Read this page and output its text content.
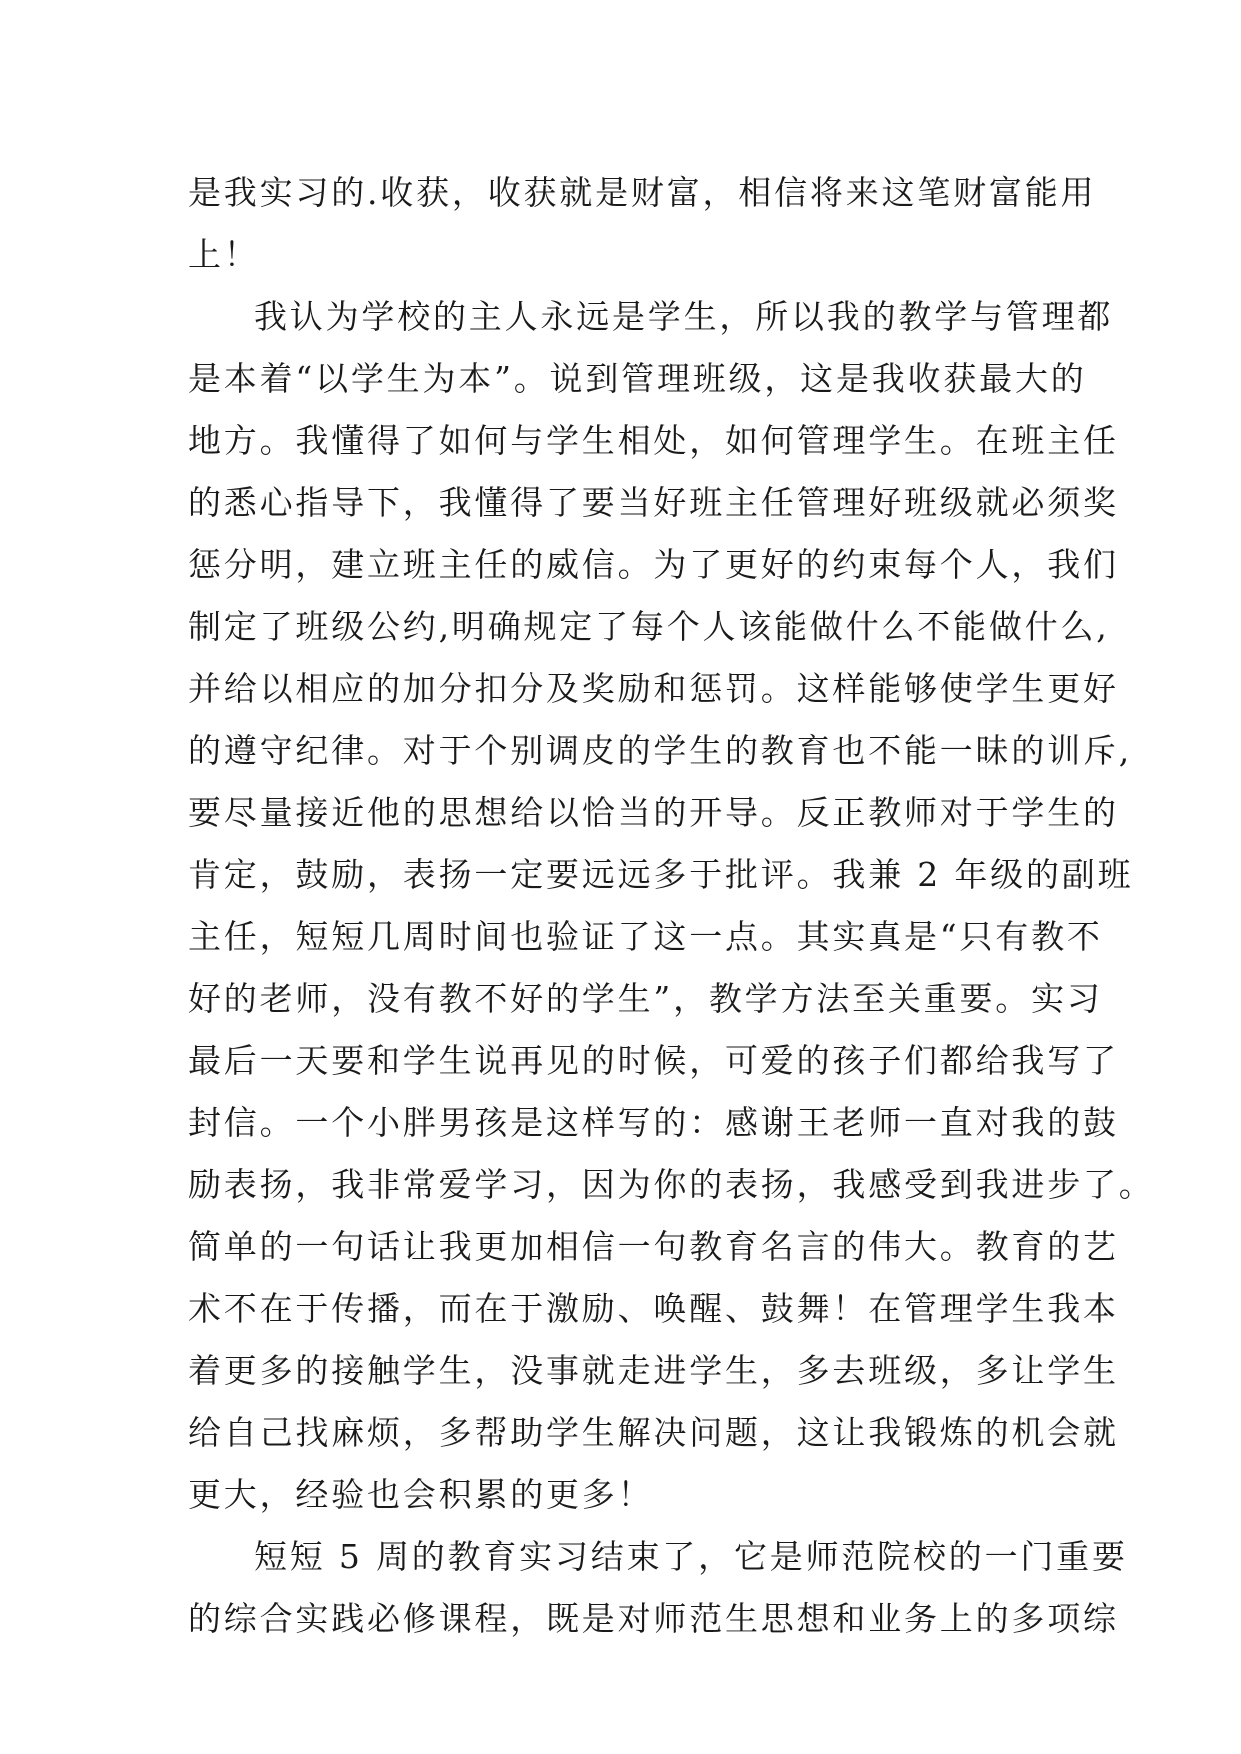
是我实习的.收获，收获就是财富，相信将来这笔财富能用
上！
我认为学校的主人永远是学生，所以我的教学与管理都
是本着“以学生为本”。说到管理班级，这是我收获最大的
地方。我懂得了如何与学生相处，如何管理学生。在班主任
的悉心指导下，我懂得了要当好班主任管理好班级就必须奖
惩分明，建立班主任的威信。为了更好的约束每个人，我们
制定了班级公约,明确规定了每个人该能做什么不能做什么,
并给以相应的加分扣分及奖励和惩罚。这样能够使学生更好
的遵守纪律。对于个别调皮的学生的教育也不能一昧的训斥,
要尽量接近他的思想给以恰当的开导。反正教师对于学生的
肯定，鼓励，表扬一定要远远多于批评。我兼 2 年级的副班
主任，短短几周时间也验证了这一点。其实真是“只有教不
好的老师，没有教不好的学生”，教学方法至关重要。实习
最后一天要和学生说再见的时候，可爱的孩子们都给我写了
封信。一个小胖男孩是这样写的：感谢王老师一直对我的鼓
励表扬，我非常爱学习，因为你的表扬，我感受到我进步了。
简单的一句话让我更加相信一句教育名言的伟大。教育的艺
术不在于传播，而在于激励、唤醒、鼓舞！在管理学生我本
着更多的接触学生，没事就走进学生，多去班级，多让学生
给自己找麻烦，多帮助学生解决问题，这让我锻炼的机会就
更大，经验也会积累的更多！
短短 5 周的教育实习结束了，它是师范院校的一门重要
的综合实践必修课程，既是对师范生思想和业务上的多项综
